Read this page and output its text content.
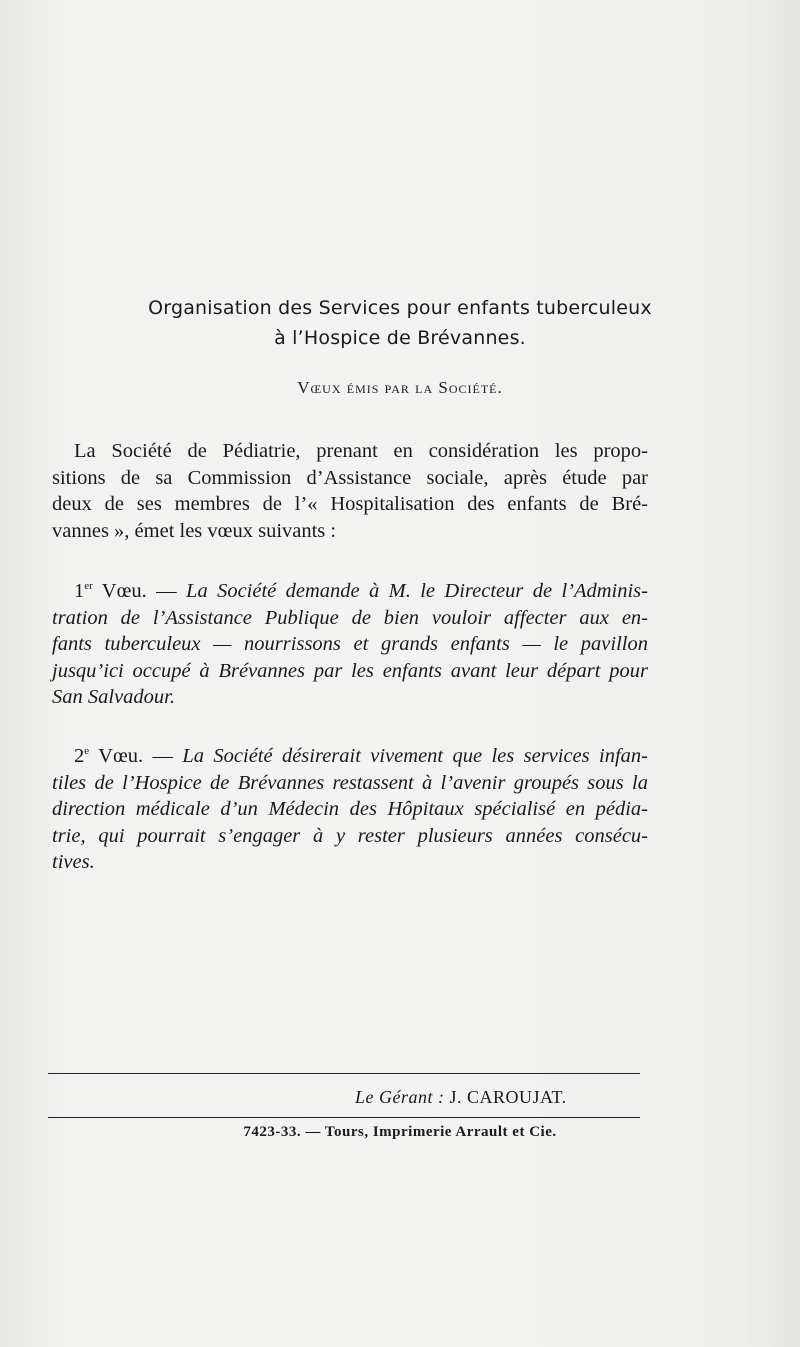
Organisation des Services pour enfants tuberculeux
à l’Hospice de Brévannes.
Vœux émis par la Société.
La Société de Pédiatrie, prenant en considération les propo-
sitions de sa Commission d’Assistance sociale, après étude par
deux de ses membres de l’« Hospitalisation des enfants de Bré-
vannes », émet les vœux suivants :
1er Vœu. — La Société demande à M. le Directeur de l’Adminis-
tration de l’Assistance Publique de bien vouloir affecter aux en-
fants tuberculeux — nourrissons et grands enfants — le pavillon
jusqu’ici occupé à Brévannes par les enfants avant leur départ pour
San Salvadour.
2e Vœu. — La Société désirerait vivement que les services infan-
tiles de l’Hospice de Brévannes restassent à l’avenir groupés sous la
direction médicale d’un Médecin des Hôpitaux spécialisé en pédia-
trie, qui pourrait s’engager à y rester plusieurs années consécu-
tives.
Le Gérant : J. CAROUJAT.
7423-33. — Tours, Imprimerie Arrault et Cie.
